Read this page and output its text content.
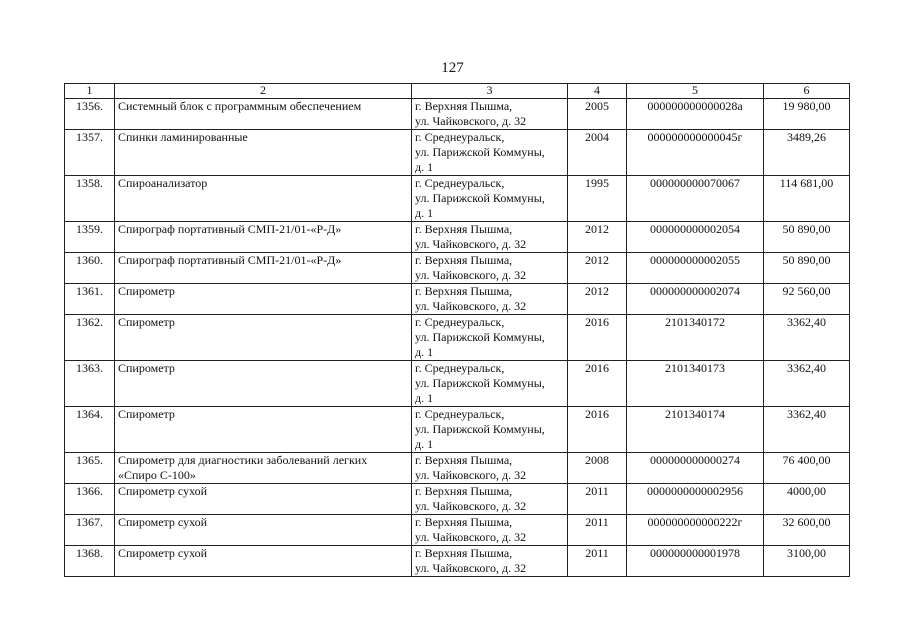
127
1	2	3	4	5	6
1356.	Системный блок с программным обеспечением	г. Верхняя Пышма,
ул. Чайковского, д. 32	2005	000000000000028а	19 980,00
1357.	Спинки ламинированные	г. Среднеуральск,
ул. Парижской Коммуны,
д. 1	2004	000000000000045г	3489,26
1358.	Спироанализатор	г. Среднеуральск,
ул. Парижской Коммуны,
д. 1	1995	000000000070067	114 681,00
1359.	Спирограф портативный СМП-21/01-«Р-Д»	г. Верхняя Пышма,
ул. Чайковского, д. 32	2012	000000000002054	50 890,00
1360.	Спирограф портативный СМП-21/01-«Р-Д»	г. Верхняя Пышма,
ул. Чайковского, д. 32	2012	000000000002055	50 890,00
1361.	Спирометр	г. Верхняя Пышма,
ул. Чайковского, д. 32	2012	000000000002074	92 560,00
1362.	Спирометр	г. Среднеуральск,
ул. Парижской Коммуны,
д. 1	2016	2101340172	3362,40
1363.	Спирометр	г. Среднеуральск,
ул. Парижской Коммуны,
д. 1	2016	2101340173	3362,40
1364.	Спирометр	г. Среднеуральск,
ул. Парижской Коммуны,
д. 1	2016	2101340174	3362,40
1365.	Спирометр для диагностики заболеваний легких
«Спиро С-100»	г. Верхняя Пышма,
ул. Чайковского, д. 32	2008	000000000000274	76 400,00
1366.	Спирометр сухой	г. Верхняя Пышма,
ул. Чайковского, д. 32	2011	0000000000002956	4000,00
1367.	Спирометр сухой	г. Верхняя Пышма,
ул. Чайковского, д. 32	2011	000000000000222г	32 600,00
1368.	Спирометр сухой	г. Верхняя Пышма,
ул. Чайковского, д. 32	2011	000000000001978	3100,00
